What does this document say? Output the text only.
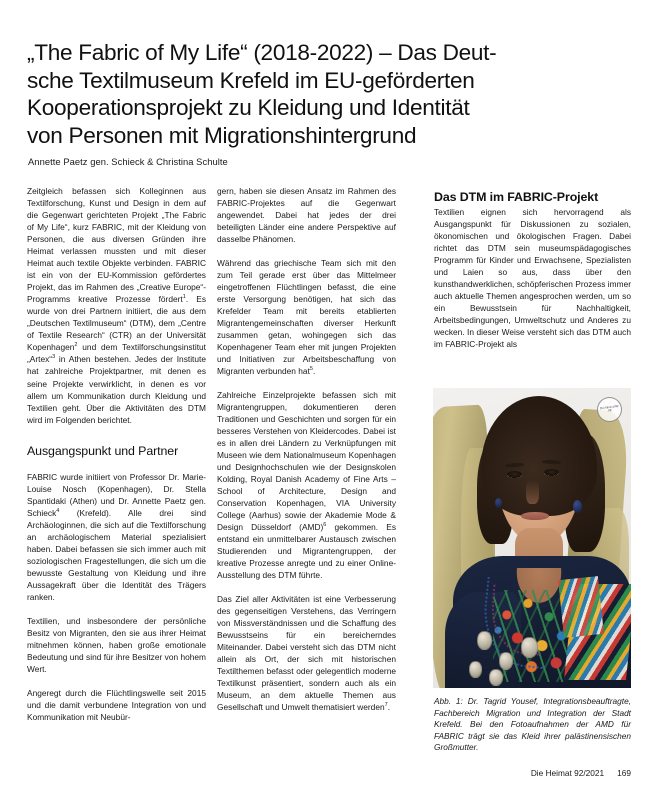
„The Fabric of My Life“ (2018-2022) – Das Deut-
sche Textilmuseum Krefeld im EU-geförderten
Kooperationsprojekt zu Kleidung und Identität
von Personen mit Migrationshintergrund
Annette Paetz gen. Schieck & Christina Schulte

Zeitgleich befassen sich Kolleginnen aus Textilforschung, Kunst und Design in dem auf die Gegenwart gerichteten Projekt „The Fabric of My Life“, kurz FABRIC, mit der Kleidung von Personen, die aus diversen Gründen ihre Heimat verlassen mussten und mit dieser Heimat auch textile Objekte verbinden. FABRIC ist ein von der EU-Kommission gefördertes Projekt, das im Rahmen des „Creative Europe“-Programms kreative Prozesse fördert$^1$. Es wurde von drei Partnern initiiert, die aus dem „Deutschen Textilmuseum“ (DTM), dem „Centre of Textile Research“ (CTR) an der Universität Kopenhagen$^2$ und dem Textilforschungsinstitut „Artex“$^3$ in Athen bestehen. Jedes der Institute hat zahlreiche Projektpartner, mit denen es seine Projekte verwirklicht, in denen es vor allem um Kommunikation durch Kleidung und Textilien geht. Über die Aktivitäten des DTM wird im Folgenden berichtet.

Ausgangspunkt und Partner

FABRIC wurde initiiert von Professor Dr. Marie-Louise Nosch (Kopenhagen), Dr. Stella Spantidaki (Athen) und Dr. Annette Paetz gen. Schieck$^4$ (Krefeld). Alle drei sind Archäologinnen, die sich auf die Textilforschung an archäologischem Material spezialisiert haben. Dabei befassen sie sich immer auch mit soziologischen Fragestellungen, die sich um die bewusste Gestaltung von Kleidung und ihre Aussagekraft über die Identität des Trägers ranken.

Textilien, und insbesondere der persönliche Besitz von Migranten, den sie aus ihrer Heimat mitnehmen können, haben große emotionale Bedeutung und sind für ihre Besitzer von hohem Wert.

Angeregt durch die Flüchtlingswelle seit 2015 und die damit verbundene Integration von und Kommunikation mit Neubür-

gern, haben sie diesen Ansatz im Rahmen des FABRIC-Projektes auf die Gegenwart angewendet. Dabei hat jedes der drei beteiligten Länder eine andere Perspektive auf dasselbe Phänomen.

Während das griechische Team sich mit den zum Teil gerade erst über das Mittelmeer eingetroffenen Flüchtlingen befasst, die eine erste Versorgung benötigen, hat sich das Krefelder Team mit bereits etablierten Migrantengemeinschaften diverser Herkunft zusammen getan, wohingegen sich das Kopenhagener Team eher mit jungen Projekten und Initiativen zur Arbeitsbeschaffung von Migranten verbunden hat$^5$.

Zahlreiche Einzelprojekte befassen sich mit Migrantengruppen, dokumentieren deren Traditionen und Geschichten und sorgen für ein besseres Verstehen von Kleidercodes. Dabei ist es in allen drei Ländern zu Verknüpfungen mit Museen wie dem Nationalmuseum Kopenhagen und Designhochschulen wie der Designskolen Kolding, Royal Danish Academy of Fine Arts – School of Architecture, Design and Conservation Kopenhagen, VIA University College (Aarhus) sowie der Akademie Mode & Design Düsseldorf (AMD)$^6$ gekommen. Es entstand ein unmittelbarer Austausch zwischen Studierenden und Migrantengruppen, der kreative Prozesse anregte und zu einer Online-Ausstellung des DTM führte.

Das Ziel aller Aktivitäten ist eine Verbesserung des gegenseitigen Verstehens, das Verringern von Missverständnissen und die Schaffung des Bewusstseins für ein bereicherndes Miteinander. Dabei versteht sich das DTM nicht allein als Ort, der sich mit historischen Textilthemen befasst oder gelegentlich moderne Textilkunst präsentiert, sondern auch als ein Museum, an dem aktuelle Themen aus Gesellschaft und Umwelt thematisiert werden$^7$.

Das DTM im FABRIC-Projekt

Textilien eignen sich hervorragend als Ausgangspunkt für Diskussionen zu sozialen, ökonomischen und ökologischen Fragen. Dabei richtet das DTM sein museumspädagogisches Programm für Kinder und Erwachsene, Spezialisten und Laien so aus, dass über den kunsthandwerklichen, schöpferischen Prozess immer auch aktuelle Themen angesprochen werden, um so ein Bewusstsein für Nachhaltigkeit, Arbeitsbedingungen, Umweltschutz und Anderes zu wecken. In dieser Weise versteht sich das DTM auch im FABRIC-Projekt als

The Fabric of My Life
Abb. 1: Dr. Tagrid Yousef, Integrationsbeauftragte, Fachbereich Migration und Integration der Stadt Krefeld. Bei den Fotoaufnahmen der AMD für FABRIC trägt sie das Kleid ihrer palästinensischen Großmutter.
Die Heimat 92/2021 169
